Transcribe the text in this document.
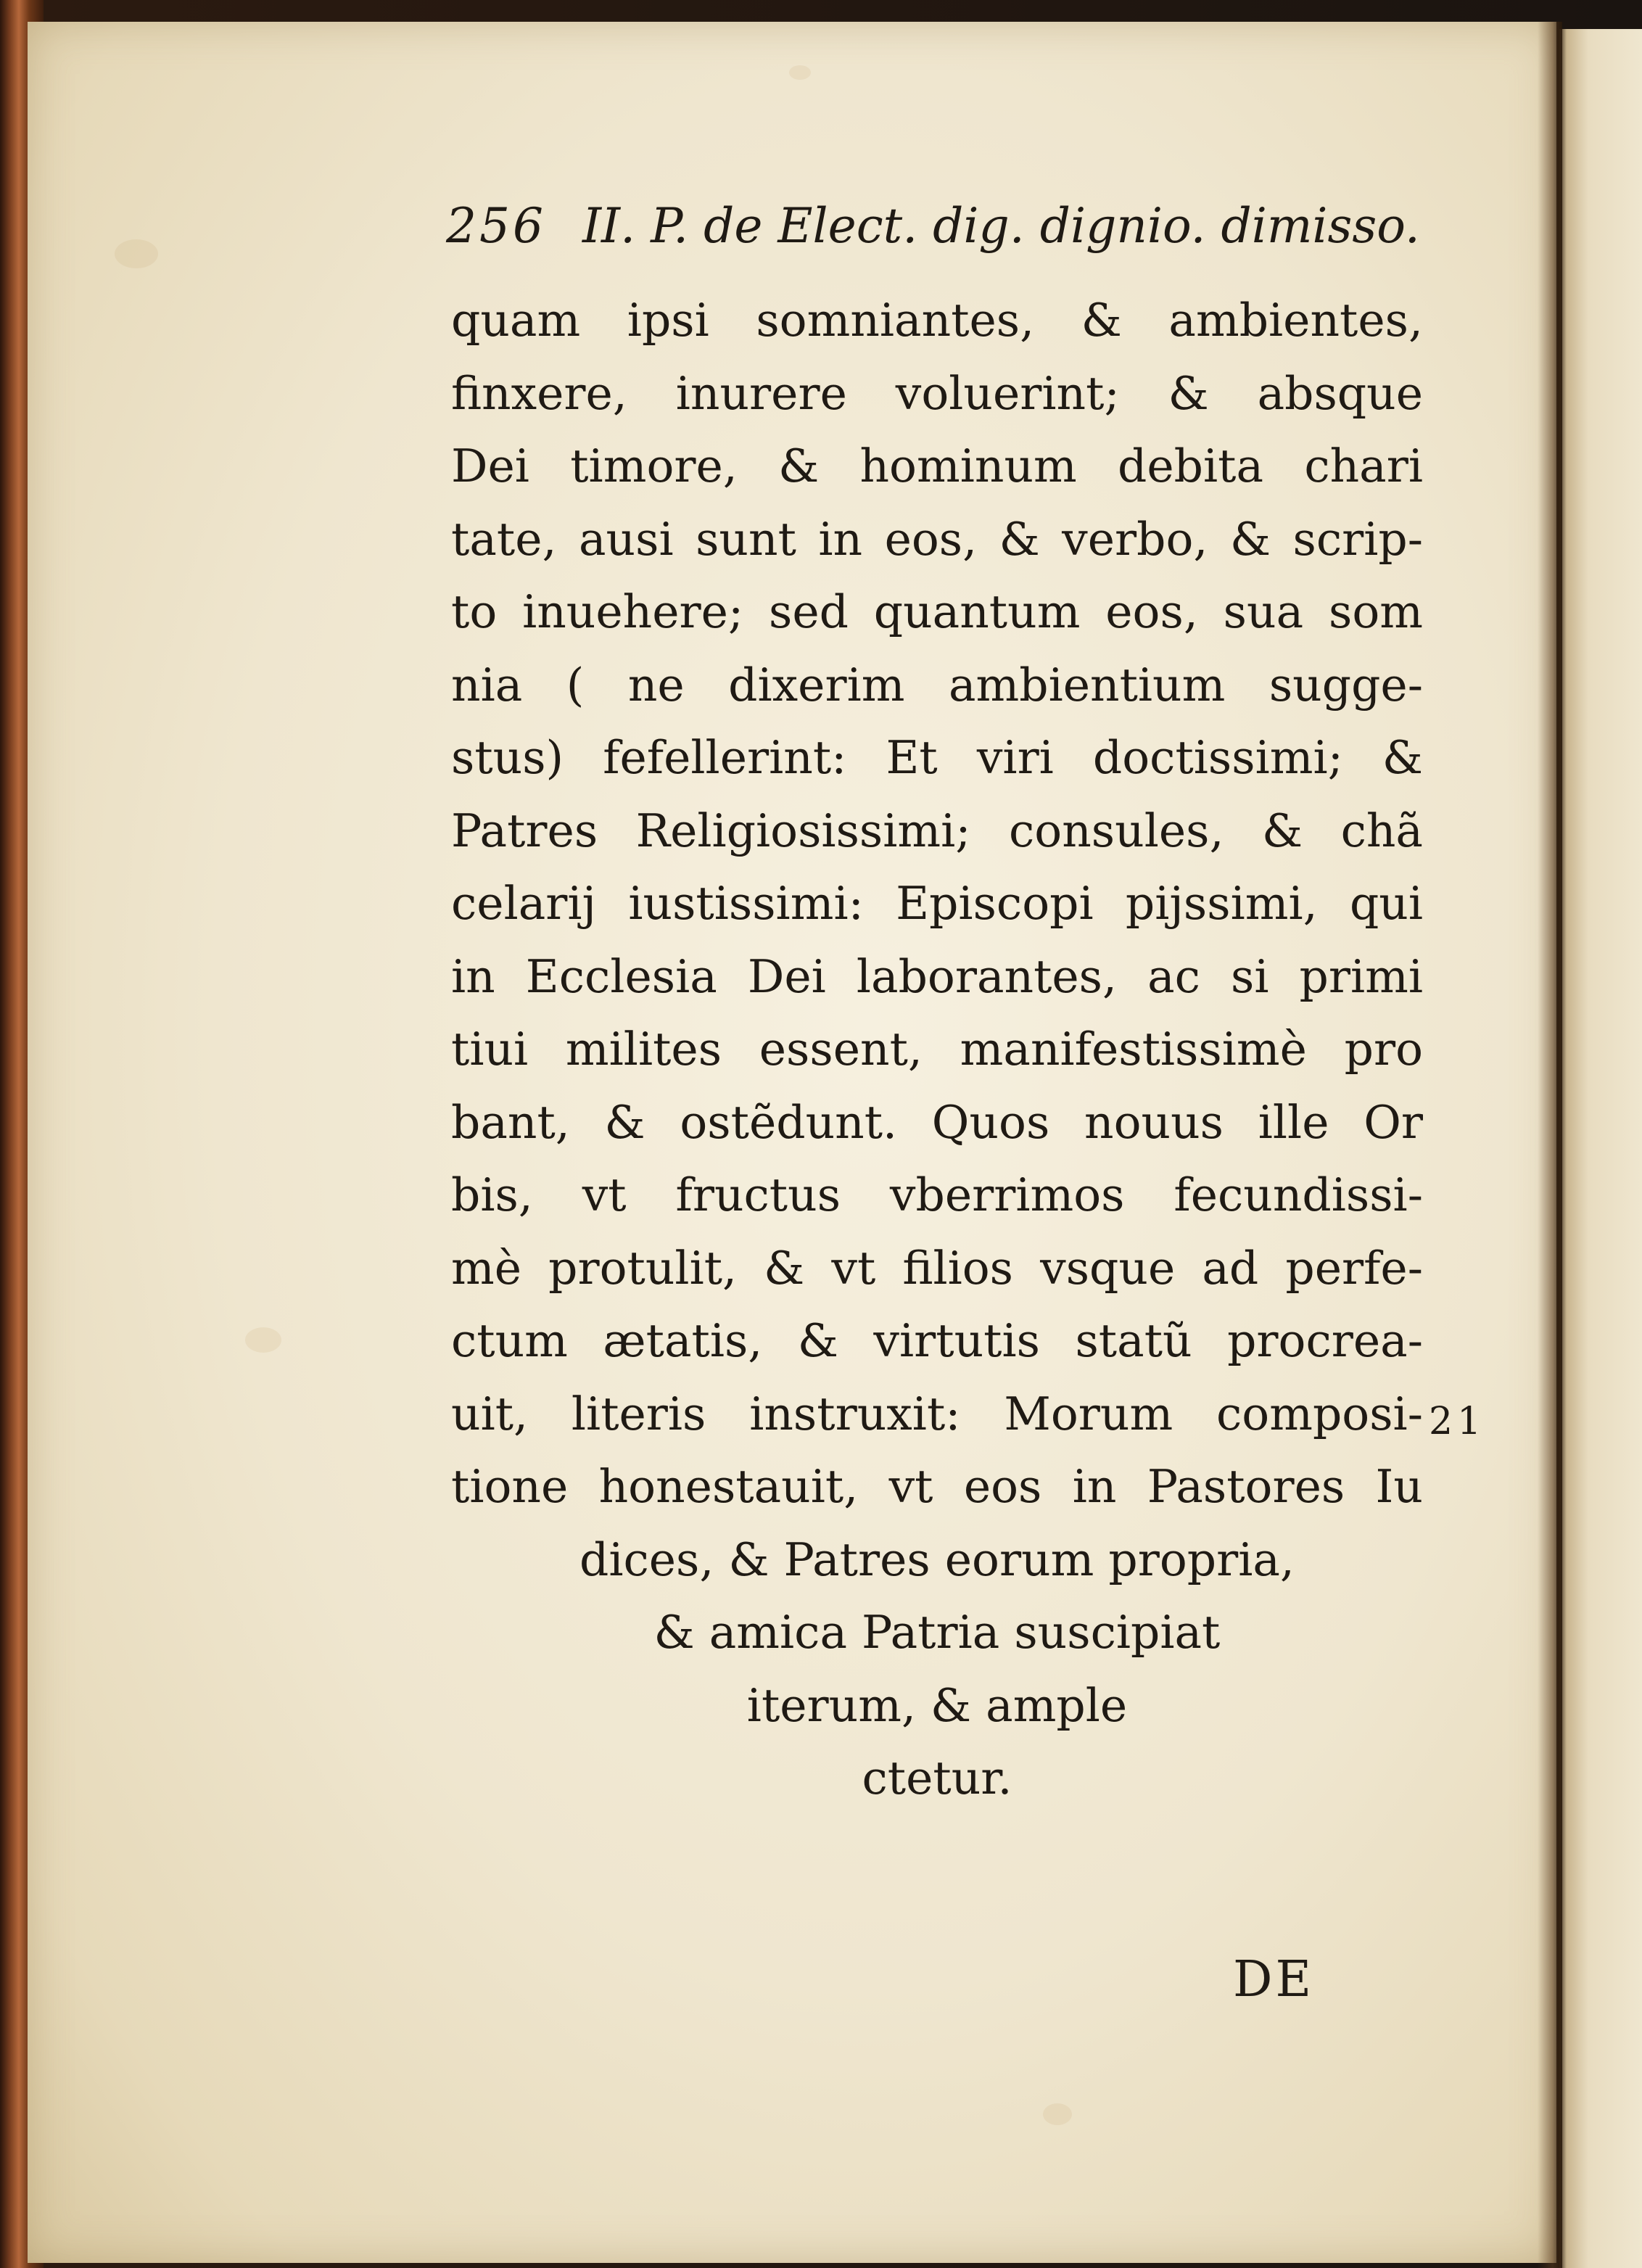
256 II. P. de Elect. dig. dignio. dimisso.
quam ipsi somniantes, & ambientes,
finxere, inurere voluerint; & absque
Dei timore, & hominum debita chari
tate, ausi sunt in eos, & verbo, & scrip-
to inuehere; sed quantum eos, sua som
nia ( ne dixerim ambientium sugge-
stus) fefellerint: Et viri doctissimi; &
Patres Religiosissimi; consules, & chã
celarij iustissimi: Episcopi pijssimi, qui
in Ecclesia Dei laborantes, ac si primi
tiui milites essent, manifestissimè pro
bant, & ostẽdunt. Quos nouus ille Or
bis, vt fructus vberrimos fecundissi-
mè protulit, & vt filios vsque ad perfe-
ctum ætatis, & virtutis statũ procrea-
uit, literis instruxit: Morum composi-
tione honestauit, vt eos in Pastores Iu
dices, & Patres eorum propria,
& amica Patria suscipiat
iterum, & ample
ctetur.
21
DE
